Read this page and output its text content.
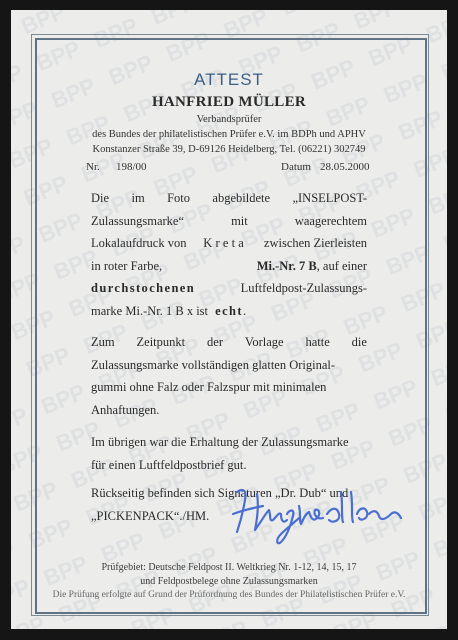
ATTEST
HANFRIED MÜLLER
Verbandsprüfer
des Bundes der philatelistischen Prüfer e.V. im BDPh und APHV
Konstanzer Straße 39, D-69126 Heidelberg, Tel. (06221) 302749
Nr. 198/00	Datum 28.05.2000
Die im Foto abgebildete „INSELPOST-
Zulassungsmarke“	mit	waagerechtem
Lokalaufdruck von Kreta zwischen Zierleisten
in roter Farbe,	Mi.-Nr. 7 B, auf einer
durchstochenen	Luftfeldpost-Zulassungs-
marke Mi.-Nr. 1 B x ist echt.
Zum Zeitpunkt der Vorlage hatte die
Zulassungsmarke vollständigen glatten Original-
gummi ohne Falz oder Falzspur mit minimalen
Anhaftungen.
Im übrigen war die Erhaltung der Zulassungsmarke
für einen Luftfeldpostbrief gut.
Rückseitig befinden sich Signaturen „Dr. Dub“ und
„PICKENPACK“./HM.
Prüfgebiet: Deutsche Feldpost II. Weltkrieg Nr. 1-12, 14, 15, 17
und Feldpostbelege ohne Zulassungsmarken
Die Prüfung erfolgte auf Grund der Prüfordnung des Bundes der Philatelistischen Prüfer e.V.
